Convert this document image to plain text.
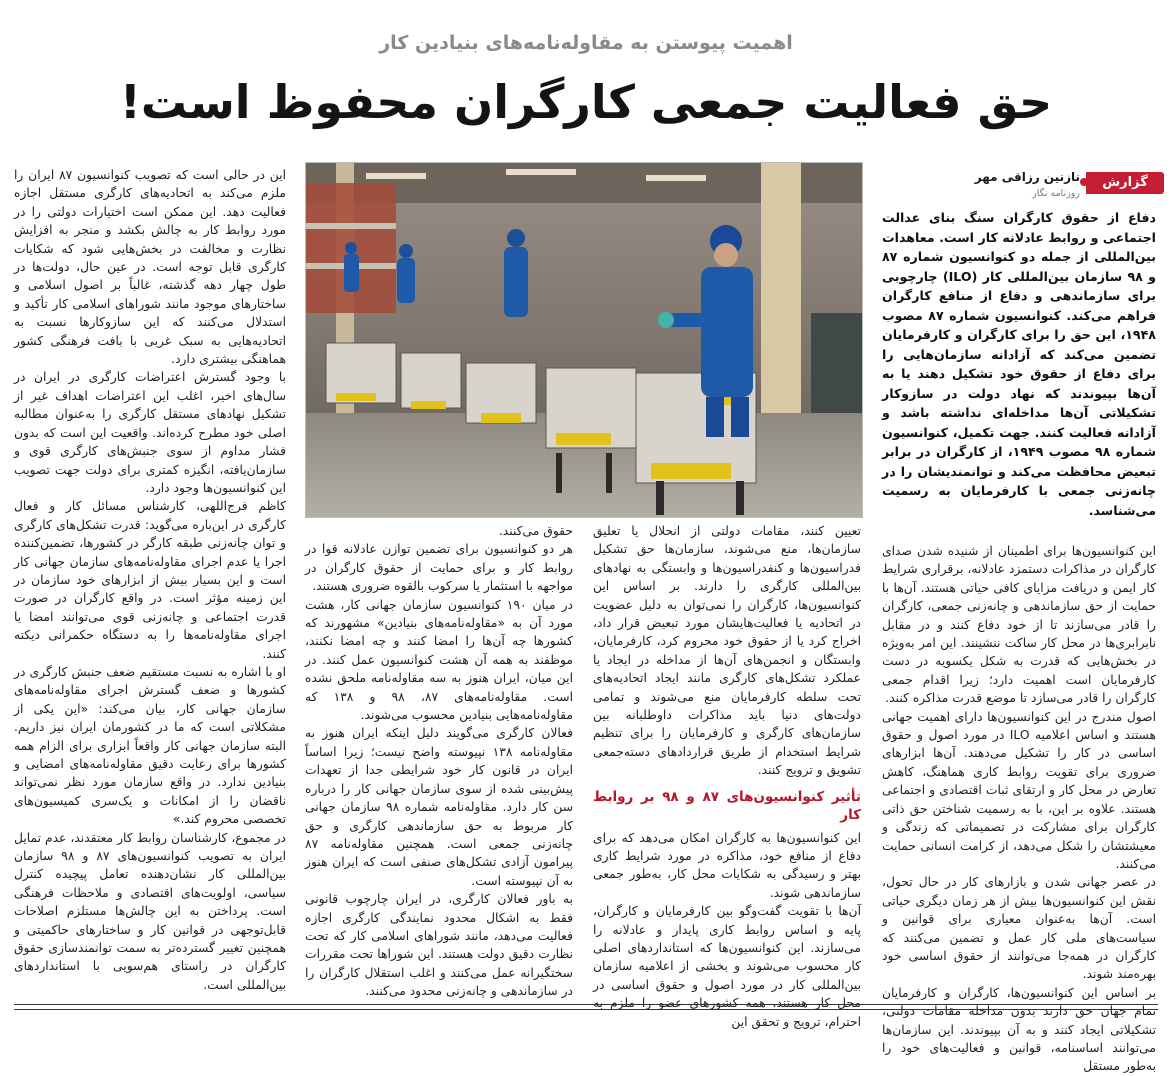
اهمیت پیوستن به مقاوله‌نامه‌های بنیادین کار
حق فعالیت جمعی کارگران محفوظ است!
گزارش
نازنین رزاقی مهر
روزنامه نگار

دفاع از حقوق کارگران سنگ بنای عدالت اجتماعی و روابط عادلانه کار است. معاهدات بین‌المللی از جمله دو کنوانسیون شماره ۸۷ و ۹۸ سازمان بین‌المللی کار (ILO) چارچوبی برای سازماندهی و دفاع از منافع کارگران فراهم می‌کند. کنوانسیون شماره ۸۷ مصوب ۱۹۴۸، این حق را برای کارگران و کارفرمایان تضمین می‌کند که آزادانه سازمان‌هایی را برای دفاع از حقوق خود تشکیل دهند یا به آن‌ها بپیوندند که نهاد دولت در سازوکار تشکیلاتی آن‌ها مداخله‌ای نداشته باشد و آزادانه فعالیت کنند. جهت تکمیل، کنوانسیون شماره ۹۸ مصوب ۱۹۴۹، از کارگران در برابر تبعیض محافظت می‌کند و توانمندیشان را در چانه‌زنی جمعی با کارفرمایان به رسمیت می‌شناسد.

این کنوانسیون‌ها برای اطمینان از شنیده شدن صدای کارگران در مذاکرات دستمزد عادلانه، برقراری شرایط کار ایمن و دریافت مزایای کافی حیاتی هستند. آن‌ها با حمایت از حق سازماندهی و چانه‌زنی جمعی، کارگران را قادر می‌سازند تا از خود دفاع کنند و در مقابل نابرابری‌ها در محل کار ساکت ننشینند. این امر به‌ویژه در بخش‌هایی که قدرت به شکل یکسویه در دست کارفرمایان است اهمیت دارد؛ زیرا اقدام جمعی کارگران را قادر می‌سازد تا موضع قدرت مذاکره کنند.

اصول مندرج در این کنوانسیون‌ها دارای اهمیت جهانی هستند و اساس اعلامیه ILO در مورد اصول و حقوق اساسی در کار را تشکیل می‌دهند. آن‌ها ابزارهای ضروری برای تقویت روابط کاری هماهنگ، کاهش تعارض در محل کار و ارتقای ثبات اقتصادی و اجتماعی هستند. علاوه بر این، با به رسمیت شناختن حق ذاتی کارگران برای مشارکت در تصمیماتی که زندگی و معیشتشان را شکل می‌دهد، از کرامت انسانی حمایت می‌کنند.

در عصر جهانی شدن و بازارهای کار در حال تحول، نقش این کنوانسیون‌ها بیش از هر زمان دیگری حیاتی است. آن‌ها به‌عنوان معیاری برای قوانین و سیاست‌های ملی کار عمل و تضمین می‌کنند که کارگران در همه‌جا می‌توانند از حقوق اساسی خود بهره‌مند شوند.

بر اساس این کنوانسیون‌ها، کارگران و کارفرمایان تمام جهان حق دارند بدون مداخله مقامات دولتی، تشکیلاتی ایجاد کنند و به آن بپیوندند. این سازمان‌ها می‌توانند اساسنامه، قوانین و فعالیت‌های خود را به‌طور مستقل

تعیین کنند، مقامات دولتی از انحلال یا تعلیق سازمان‌ها، منع می‌شوند، سازمان‌ها حق تشکیل فدراسیون‌ها و کنفدراسیون‌ها و وابستگی به نهادهای بین‌المللی کارگری را دارند. بر اساس این کنوانسیون‌ها، کارگران را نمی‌توان به دلیل عضویت در اتحادیه یا فعالیت‌هایشان مورد تبعیض قرار داد، اخراج کرد یا از حقوق خود محروم کرد، کارفرمایان، وابستگان و انجمن‌های آن‌ها از مداخله در ایجاد یا عملکرد تشکل‌های کارگری مانند ایجاد اتحادیه‌های تحت سلطه کارفرمایان منع می‌شوند و تمامی دولت‌های دنیا باید مذاکرات داوطلبانه بین سازمان‌های کارگری و کارفرمایان را برای تنظیم شرایط استخدام از طریق قراردادهای دسته‌جمعی تشویق و ترویج کنند.

تأثیر کنوانسیون‌های ۸۷ و ۹۸ بر روابط کار

این کنوانسیون‌ها به کارگران امکان می‌دهد که برای دفاع از منافع خود، مذاکره در مورد شرایط کاری بهتر و رسیدگی به شکایات محل کار، به‌طور جمعی سازماندهی شوند.

آن‌ها با تقویت گفت‌وگو بین کارفرمایان و کارگران، پایه و اساس روابط کاری پایدار و عادلانه را می‌سازند. این کنوانسیون‌ها که استانداردهای اصلی کار محسوب می‌شوند و بخشی از اعلامیه سازمان بین‌المللی کار در مورد اصول و حقوق اساسی در محل کار هستند، همه کشورهای عضو را ملزم به احترام، ترویج و تحقق این

حقوق می‌کنند.

هر دو کنوانسیون برای تضمین توازن عادلانه قوا در روابط کار و برای حمایت از حقوق کارگران در مواجهه با استثمار یا سرکوب بالقوه ضروری هستند.

در میان ۱۹۰ کنوانسیون سازمان جهانی کار، هشت مورد آن به «مقاوله‌نامه‌های بنیادین» مشهورند که کشورها چه آن‌ها را امضا کنند و چه امضا نکنند، موظفند به همه آن هشت کنوانسیون عمل کنند. در این میان، ایران هنوز به سه مقاوله‌نامه ملحق نشده است. مقاوله‌نامه‌های ۸۷، ۹۸ و ۱۳۸ که مقاوله‌نامه‌هایی بنیادین محسوب می‌شوند.

فعالان کارگری می‌گویند دلیل اینکه ایران هنوز به مقاوله‌نامه ۱۳۸ نپیوسته واضح نیست؛ زیرا اساساً ایران در قانون کار خود شرایطی جدا از تعهدات پیش‌بینی شده از سوی سازمان جهانی کار را درباره سن کار دارد. مقاوله‌نامه شماره ۹۸ سازمان جهانی کار مربوط به حق سازماندهی کارگری و حق چانه‌زنی جمعی است. همچنین مقاوله‌نامه ۸۷ پیرامون آزادی تشکل‌های صنفی است که ایران هنوز به آن نپیوسته است.

به باور فعالان کارگری، در ایران چارچوب قانونی فقط به اشکال محدود نمایندگی کارگری اجازه فعالیت می‌دهد، مانند شوراهای اسلامی کار که تحت نظارت دقیق دولت هستند. این شوراها تحت مقررات سختگیرانه عمل می‌کنند و اغلب استقلال کارگران را در سازماندهی و چانه‌زنی محدود می‌کنند.

این در حالی است که تصویب کنوانسیون ۸۷ ایران را ملزم می‌کند به اتحادیه‌های کارگری مستقل اجازه فعالیت دهد. این ممکن است اختیارات دولتی را در مورد روابط کار به چالش بکشد و منجر به افزایش نظارت و مخالفت در بخش‌هایی شود که شکایات کارگری قابل توجه است. در عین حال، دولت‌ها در طول چهار دهه گذشته، غالباً بر اصول اسلامی و ساختارهای موجود مانند شوراهای اسلامی کار تأکید و استدلال می‌کنند که این سازوکارها نسبت به اتحادیه‌هایی به سبک غربی با بافت فرهنگی کشور هماهنگی بیشتری دارد.

با وجود گسترش اعتراضات کارگری در ایران در سال‌های اخیر، اغلب این اعتراضات اهداف غیر از تشکیل نهادهای مستقل کارگری را به‌عنوان مطالبه اصلی خود مطرح کرده‌اند. واقعیت این است که بدون فشار مداوم از سوی جنبش‌های کارگری قوی و سازمان‌یافته، انگیزه کمتری برای دولت جهت تصویب این کنوانسیون‌ها وجود دارد.

کاظم فرج‌اللهی، کارشناس مسائل کار و فعال کارگری در این‌باره می‌گوید: قدرت تشکل‌های کارگری و توان چانه‌زنی طبقه کارگر در کشورها، تضمین‌کننده اجرا یا عدم اجرای مقاوله‌نامه‌های سازمان جهانی کار است و این بسیار بیش از ابزارهای خود سازمان در این زمینه مؤثر است. در واقع کارگران در صورت قدرت اجتماعی و چانه‌زنی قوی می‌توانند امضا یا اجرای مقاوله‌نامه‌ها را به دستگاه حکمرانی دیکته کنند.

او با اشاره به نسبت مستقیم ضعف جنبش کارگری در کشورها و ضعف گسترش اجرای مقاوله‌نامه‌های سازمان جهانی کار، بیان می‌کند: «این یکی از مشکلاتی است که ما در کشورمان ایران نیز داریم. البته سازمان جهانی کار واقعاً ابزاری برای الزام همه کشورها برای رعایت دقیق مقاوله‌نامه‌های امضایی و بنیادین ندارد. در واقع سازمان مورد نظر نمی‌تواند ناقضان را از امکانات و یک‌سری کمیسیون‌های تخصصی محروم کند.»

در مجموع، کارشناسان روابط کار معتقدند، عدم تمایل ایران به تصویب کنوانسیون‌های ۸۷ و ۹۸ سازمان بین‌المللی کار نشان‌دهنده تعامل پیچیده کنترل سیاسی، اولویت‌های اقتصادی و ملاحظات فرهنگی است. پرداختن به این چالش‌ها مستلزم اصلاحات قابل‌توجهی در قوانین کار و ساختارهای حاکمیتی و همچنین تغییر گسترده‌تر به سمت توانمندسازی حقوق کارگران در راستای هم‌سویی با استانداردهای بین‌المللی است.
